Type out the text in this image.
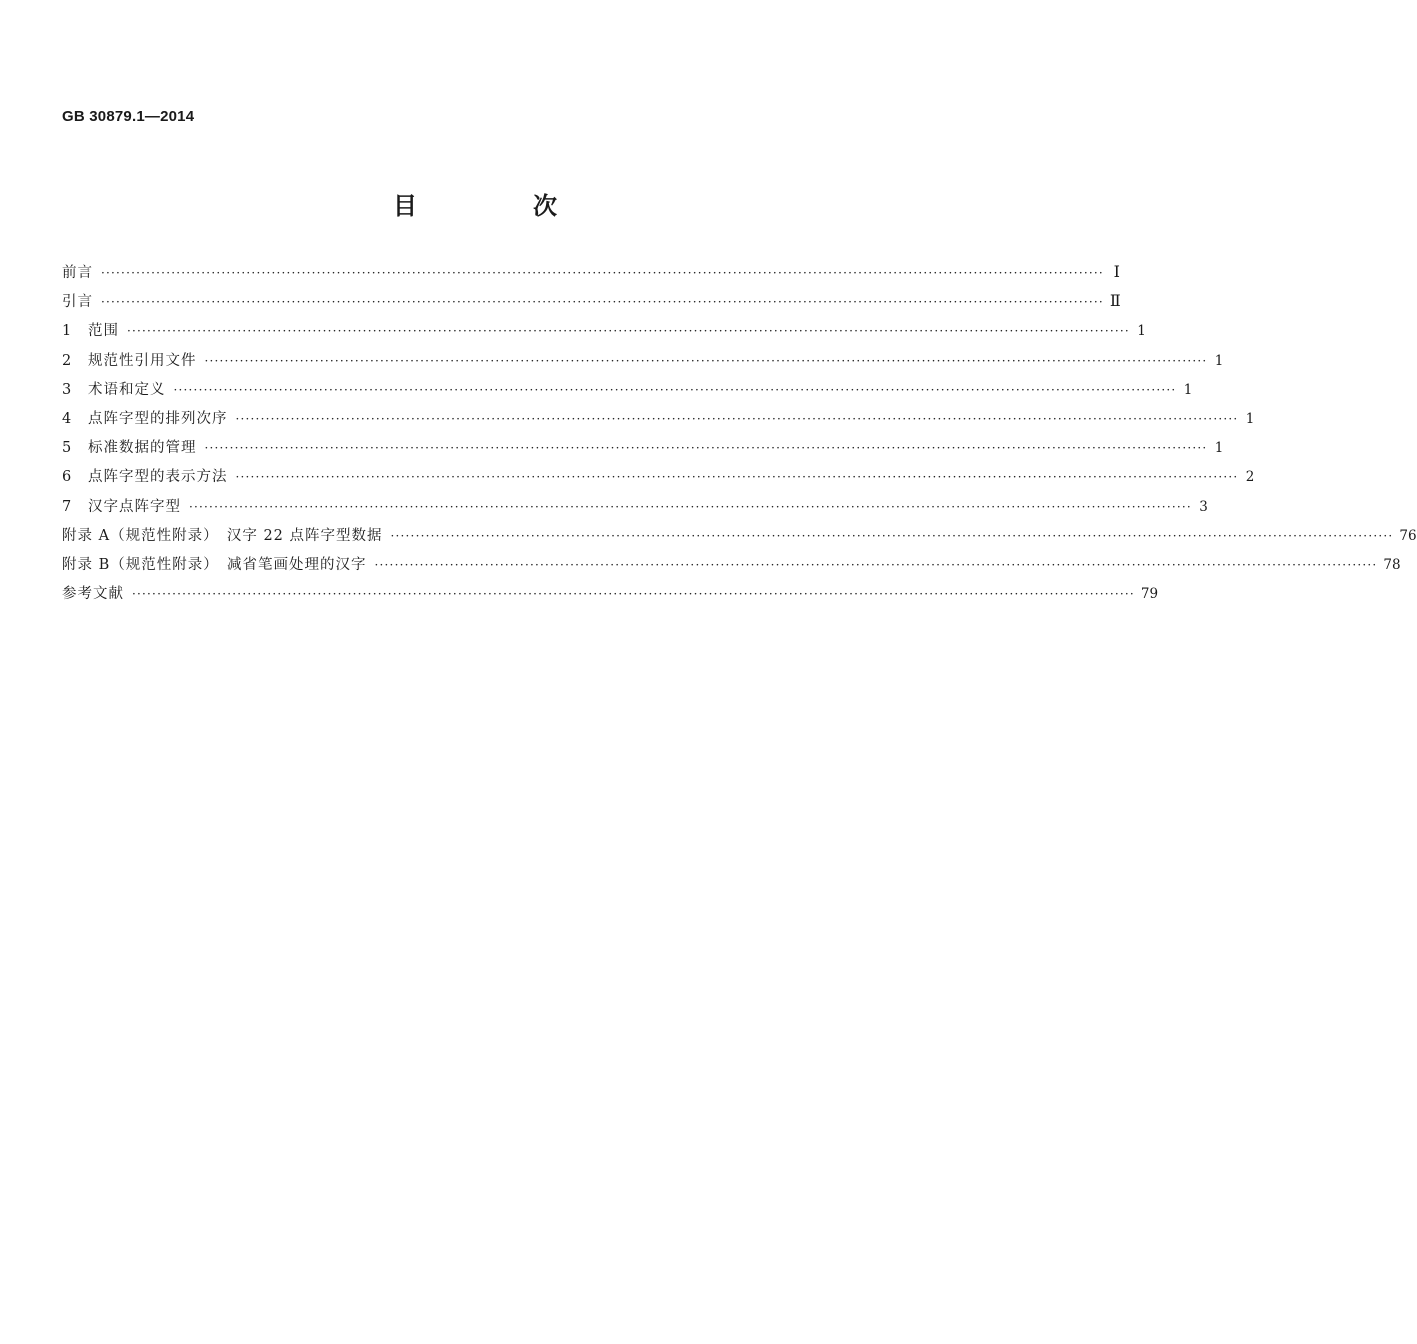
GB 30879.1—2014
目　次
前言 ········································································································································································································ Ⅰ
引言 ········································································································································································································ Ⅱ
1	范围 ········································································································································································································ 1
2	规范性引用文件 ········································································································································································································ 1
3	术语和定义 ········································································································································································································ 1
4	点阵字型的排列次序 ········································································································································································································ 1
5	标准数据的管理 ········································································································································································································ 1
6	点阵字型的表示方法 ········································································································································································································ 2
7	汉字点阵字型 ········································································································································································································ 3
附录 A（规范性附录）　汉字 22 点阵字型数据 ········································································································································································································ 76
附录 B（规范性附录）　减省笔画处理的汉字 ········································································································································································································ 78
参考文献 ········································································································································································································ 79
